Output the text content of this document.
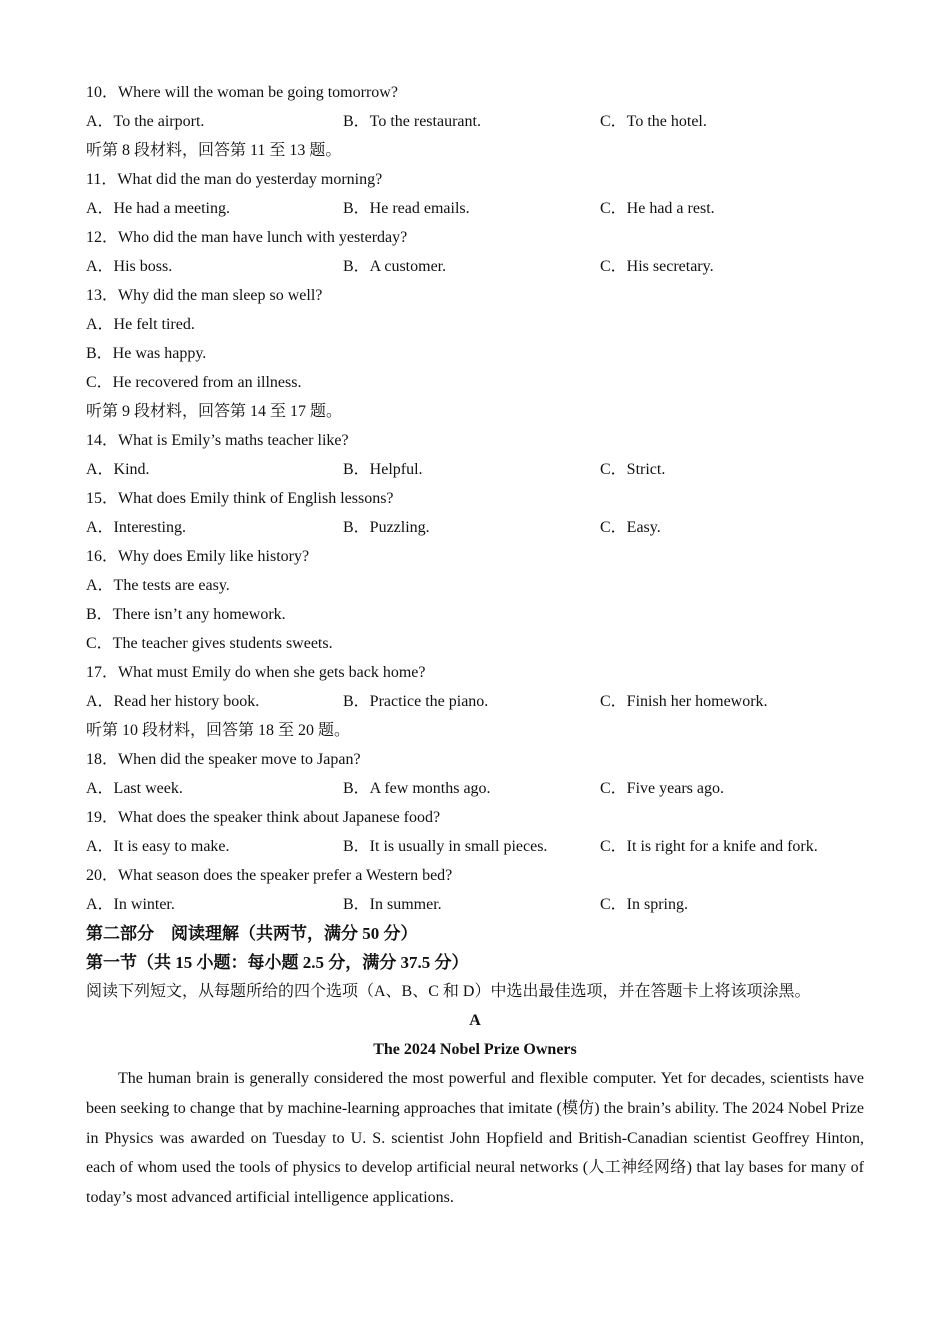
10．Where will the woman be going tomorrow?
A．To the airport.	B．To the restaurant.	C．To the hotel.
听第 8 段材料，回答第 11 至 13 题。
11．What did the man do yesterday morning?
A．He had a meeting.	B．He read emails.	C．He had a rest.
12．Who did the man have lunch with yesterday?
A．His boss.	B．A customer.	C．His secretary.
13．Why did the man sleep so well?
A．He felt tired.
B．He was happy.
C．He recovered from an illness.
听第 9 段材料，回答第 14 至 17 题。
14．What is Emily’s maths teacher like?
A．Kind.	B．Helpful.	C．Strict.
15．What does Emily think of English lessons?
A．Interesting.	B．Puzzling.	C．Easy.
16．Why does Emily like history?
A．The tests are easy.
B．There isn’t any homework.
C．The teacher gives students sweets.
17．What must Emily do when she gets back home?
A．Read her history book.	B．Practice the piano.	C．Finish her homework.
听第 10 段材料，回答第 18 至 20 题。
18．When did the speaker move to Japan?
A．Last week.	B．A few months ago.	C．Five years ago.
19．What does the speaker think about Japanese food?
A．It is easy to make.	B．It is usually in small pieces.	C．It is right for a knife and fork.
20．What season does the speaker prefer a Western bed?
A．In winter.	B．In summer.	C．In spring.
第二部分　阅读理解（共两节，满分 50 分）
第一节（共 15 小题：每小题 2.5 分，满分 37.5 分）
阅读下列短文，从每题所给的四个选项（A、B、C 和 D）中选出最佳选项，并在答题卡上将该项涂黑。
A
The 2024 Nobel Prize Owners

The human brain is generally considered the most powerful and flexible computer. Yet for decades, scientists have been seeking to change that by machine-learning approaches that imitate (模仿) the brain’s ability. The 2024 Nobel Prize in Physics was awarded on Tuesday to U. S. scientist John Hopfield and British-Canadian scientist Geoffrey Hinton, each of whom used the tools of physics to develop artificial neural networks (人工神经网络) that lay bases for many of today’s most advanced artificial intelligence applications.
